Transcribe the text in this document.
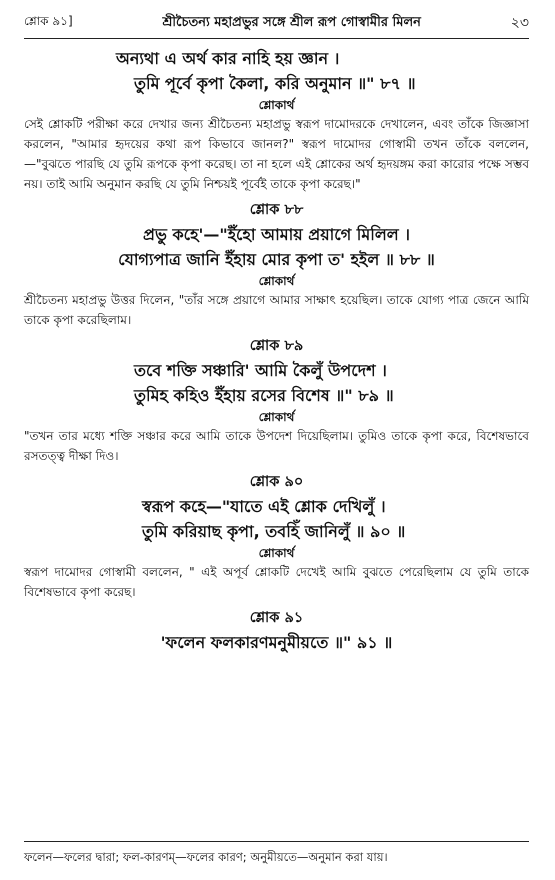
শ্লোক ৯১]	শ্রীচৈতন্য মহাপ্রভুর সঙ্গে শ্রীল রূপ গোস্বামীর মিলন	২৩
অন্যথা এ অর্থ কার নাহি হয় জ্ঞান ।
তুমি পূর্বে কৃপা কৈলা, করি অনুমান ॥" ৮৭ ॥
শ্লোকার্থ
সেই শ্লোকটি পরীক্ষা করে দেখার জন্য শ্রীচৈতন্য মহাপ্রভু স্বরূপ দামোদরকে দেখালেন, এবং তাঁকে জিজ্ঞাসা করলেন, "আমার হৃদয়ের কথা রূপ কিভাবে জানল?" স্বরূপ দামোদর গোস্বামী তখন তাঁকে বললেন,—"বুঝতে পারছি যে তুমি রূপকে কৃপা করেছ। তা না হলে এই শ্লোকের অর্থ হৃদয়ঙ্গম করা কারোর পক্ষে সম্ভব নয়। তাই আমি অনুমান করছি যে তুমি নিশ্চয়ই পূর্বেই তাকে কৃপা করেছ।"
শ্লোক ৮৮
প্রভু কহে'—"ইঁহো আমায় প্রয়াগে মিলিল ।
যোগ্যপাত্র জানি ইঁহায় মোর কৃপা ত' হইল ॥ ৮৮ ॥
শ্লোকার্থ
শ্রীচৈতন্য মহাপ্রভু উত্তর দিলেন, "তাঁর সঙ্গে প্রয়াগে আমার সাক্ষাৎ হয়েছিল। তাকে যোগ্য পাত্র জেনে আমি তাকে কৃপা করেছিলাম।
শ্লোক ৮৯
তবে শক্তি সঞ্চারি' আমি কৈলুঁ উপদেশ ।
তুমিহ কহিও ইঁহায় রসের বিশেষ ॥" ৮৯ ॥
শ্লোকার্থ
"তখন তার মধ্যে শক্তি সঞ্চার করে আমি তাকে উপদেশ দিয়েছিলাম। তুমিও তাকে কৃপা করে, বিশেষভাবে রসতত্ত্ব দীক্ষা দিও।
শ্লোক ৯০
স্বরূপ কহে—"যাতে এই শ্লোক দেখিলুঁ ।
তুমি করিয়াছ কৃপা, তবহিঁ জানিলুঁ ॥ ৯০ ॥
শ্লোকার্থ
স্বরূপ দামোদর গোস্বামী বললেন, " এই অপূর্ব শ্লোকটি দেখেই আমি বুঝতে পেরেছিলাম যে তুমি তাকে বিশেষভাবে কৃপা করেছ।
শ্লোক ৯১
'ফলেন ফলকারণমনুমীয়তে ॥" ৯১ ॥
ফলেন—ফলের দ্বারা; ফল-কারণম্—ফলের কারণ; অনুমীয়তে—অনুমান করা যায়।
